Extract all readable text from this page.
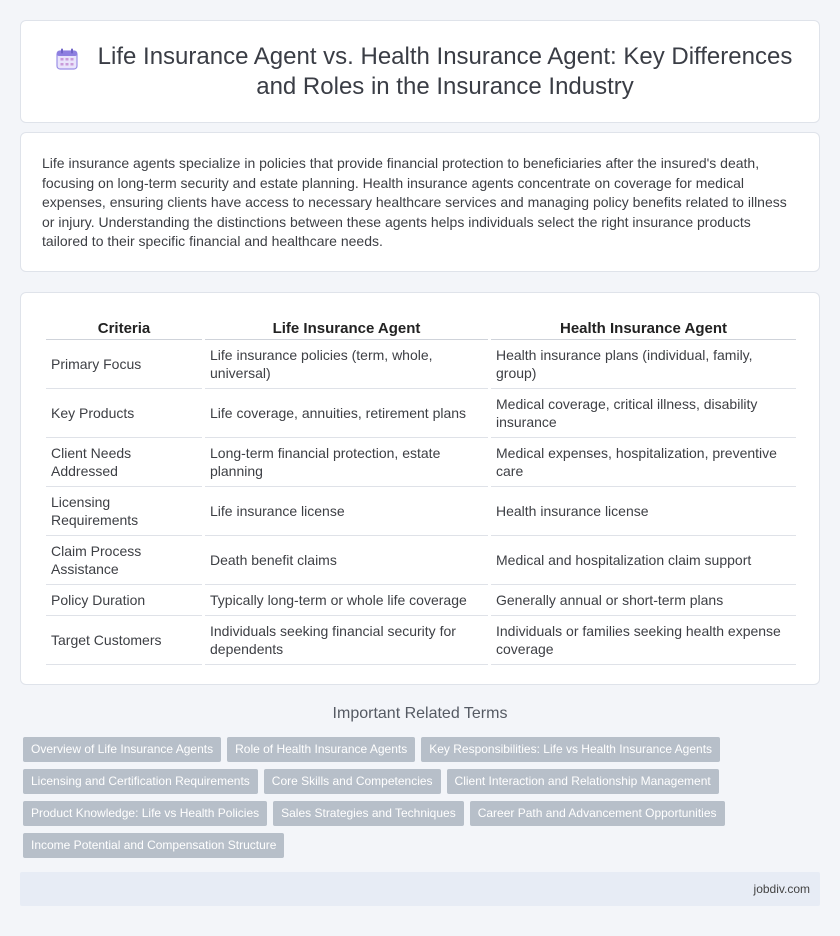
Life Insurance Agent vs. Health Insurance Agent: Key Differences and Roles in the Insurance Industry

Life insurance agents specialize in policies that provide financial protection to beneficiaries after the insured's death, focusing on long-term security and estate planning. Health insurance agents concentrate on coverage for medical expenses, ensuring clients have access to necessary healthcare services and managing policy benefits related to illness or injury. Understanding the distinctions between these agents helps individuals select the right insurance products tailored to their specific financial and healthcare needs.

Criteria	Life Insurance Agent	Health Insurance Agent
Primary Focus	Life insurance policies (term, whole, universal)	Health insurance plans (individual, family, group)
Key Products	Life coverage, annuities, retirement plans	Medical coverage, critical illness, disability insurance
Client Needs Addressed	Long-term financial protection, estate planning	Medical expenses, hospitalization, preventive care
Licensing Requirements	Life insurance license	Health insurance license
Claim Process Assistance	Death benefit claims	Medical and hospitalization claim support
Policy Duration	Typically long-term or whole life coverage	Generally annual or short-term plans
Target Customers	Individuals seeking financial security for dependents	Individuals or families seeking health expense coverage
Important Related Terms
Overview of Life Insurance Agents	Role of Health Insurance Agents	Key Responsibilities: Life vs Health Insurance Agents
Licensing and Certification Requirements	Core Skills and Competencies	Client Interaction and Relationship Management
Product Knowledge: Life vs Health Policies	Sales Strategies and Techniques	Career Path and Advancement Opportunities
Income Potential and Compensation Structure
jobdiv.com
